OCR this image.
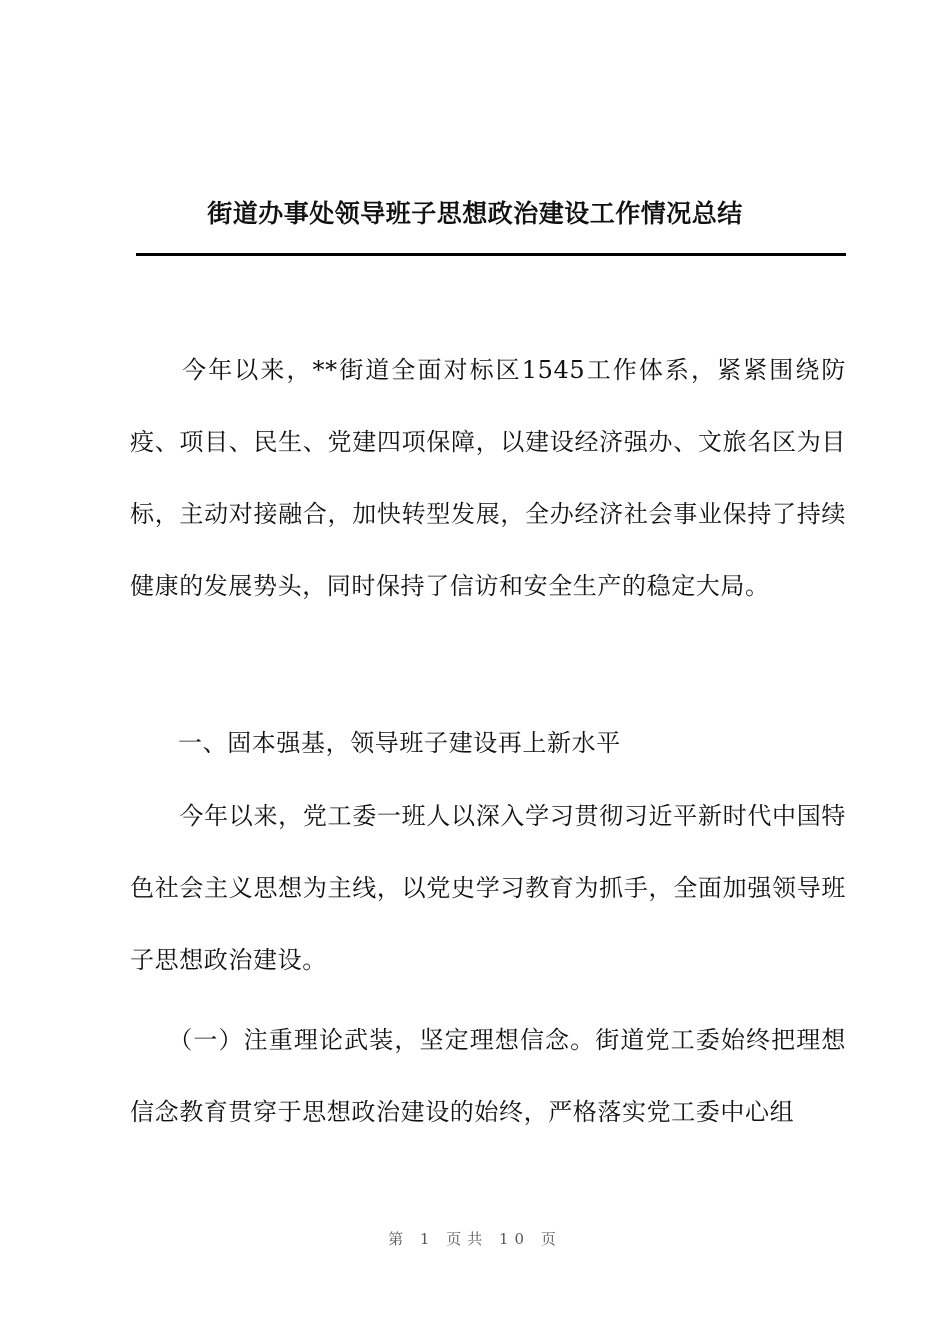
街道办事处领导班子思想政治建设工作情况总结

　　今年以来，**街道全面对标区1545工作体系，紧紧围绕防疫、项目、民生、党建四项保障，以建设经济强办、文旅名区为目标，主动对接融合，加快转型发展，全办经济社会事业保持了持续健康的发展势头，同时保持了信访和安全生产的稳定大局。

一、固本强基，领导班子建设再上新水平

　　今年以来，党工委一班人以深入学习贯彻习近平新时代中国特色社会主义思想为主线，以党史学习教育为抓手，全面加强领导班子思想政治建设。

　　（一）注重理论武装，坚定理想信念。街道党工委始终把理想信念教育贯穿于思想政治建设的始终，严格落实党工委中心组

第 1 页共 10 页
